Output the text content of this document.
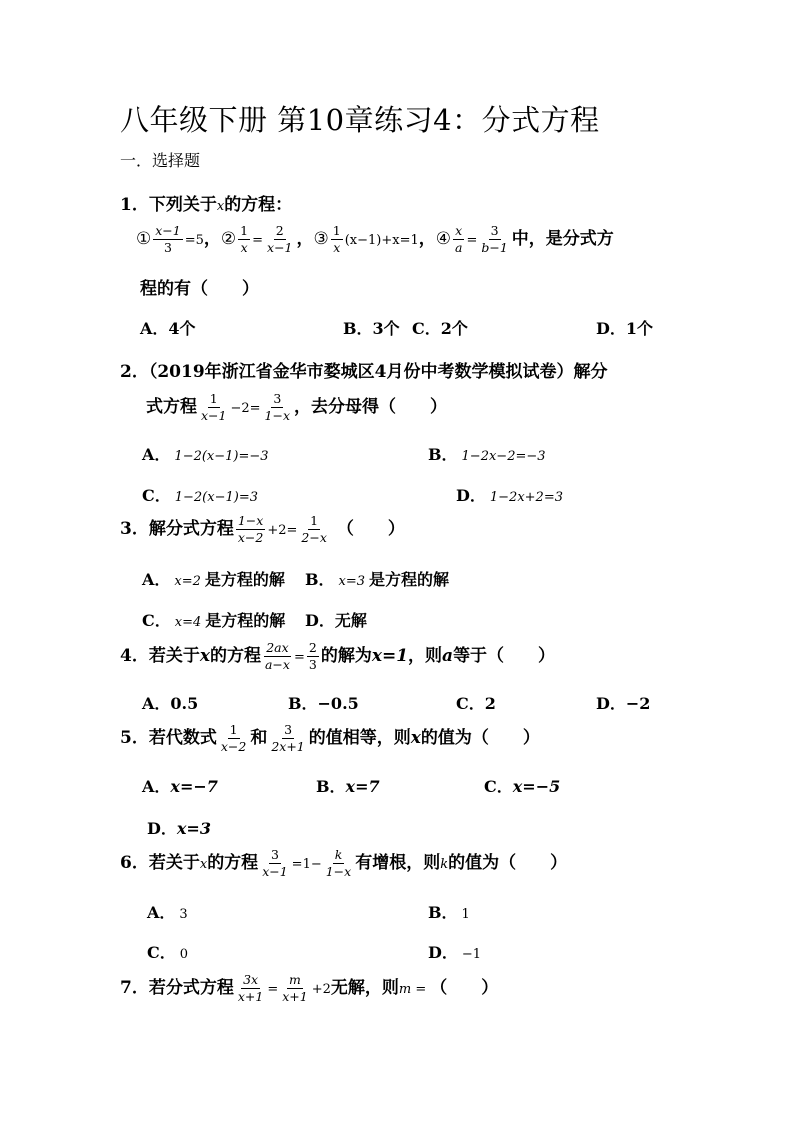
八年级下册 第10章练习4：分式方程
一．选择题
1．下列关于x的方程：
① $\frac{x-1}{3} =5$，② $\frac{1}{x} = \frac{2}{x-1}$ ，③ $\frac{1}{x} (x-1)+x=1$，④ $\frac{x}{a} = \frac{3}{b-1}$ 中，是分式方
程的有（　　）
A．4个	B．3个 C．2个	D．1个
2．（2019年浙江省金华市婺城区4月份中考数学模拟试卷）解分
式方程 $\frac{1}{x-1} -2= \frac{3}{1-x}$ ，去分母得（　　）
A． 1−2(x−1)=−3	B． 1−2x−2=−3
C． 1−2(x−1)=3	D． 1−2x+2=3
3．解分式方程 $\frac{1-x}{x-2} +2= \frac{1}{2-x}$ （　　）
A． x=2 是方程的解 B． x=3 是方程的解
C． x=4 是方程的解 D．无解
4．若关于x的方程 $\frac{2ax}{a-x} = \frac{2}{3}$ 的解为x=1，则a等于（　　）
A．0.5	B．−0.5	C．2	D．−2
5．若代数式 $\frac{1}{x-2}$ 和 $\frac{3}{2x+1}$ 的值相等，则x的值为（　　）
A．x=−7	B．x=7	C．x=−5
D．x=3
6．若关于x的方程 $\frac{3}{x-1} =1- \frac{k}{1-x}$ 有增根，则k的值为（　　）
A． 3	B． 1
C． 0	D． −1
7．若分式方程 $\frac{3x}{x+1} = \frac{m}{x+1} +2$无解，则m = （　　）
